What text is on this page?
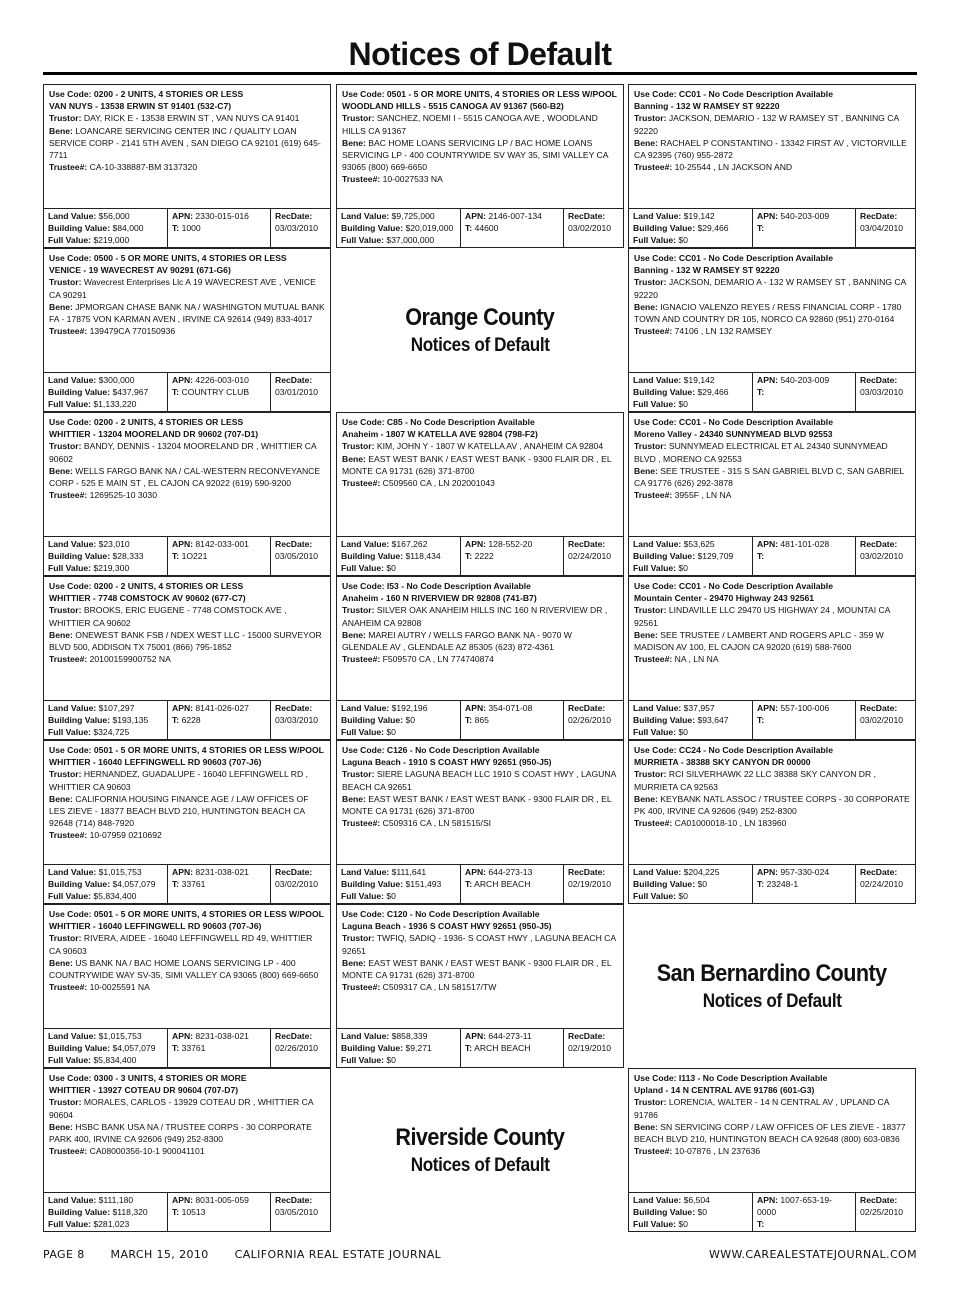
Notices of Default
Use Code: 0200 - 2 UNITS, 4 STORIES OR LESS
VAN NUYS - 13538 ERWIN ST 91401 (532-C7)
Trustor: DAY, RICK E - 13538 ERWIN ST , VAN NUYS CA 91401
Bene: LOANCARE SERVICING CENTER INC / QUALITY LOAN SERVICE CORP - 2141 5TH AVEN , SAN DIEGO CA 92101 (619) 645-7711
Trustee#: CA-10-338887-BM 3137320
Land Value: $56,000
Building Value: $84,000
Full Value: $219,000
APN: 2330-015-016
T: 1000
RecDate:
03/03/2010
Use Code: 0500 - 5 OR MORE UNITS, 4 STORIES OR LESS
VENICE - 19 WAVECREST AV 90291 (671-G6)
Trustor: Wavecrest Enterprises Llc A 19 WAVECREST AVE , VENICE CA 90291
Bene: JPMORGAN CHASE BANK NA / WASHINGTON MUTUAL BANK FA - 17875 VON KARMAN AVEN , IRVINE CA 92614 (949) 833-4017
Trustee#: 139479CA 770150936
Land Value: $300,000
Building Value: $437,967
Full Value: $1,133,220
APN: 4226-003-010
T: COUNTRY CLUB
RecDate:
03/01/2010
Use Code: 0200 - 2 UNITS, 4 STORIES OR LESS
WHITTIER - 13204 MOORELAND DR 90602 (707-D1)
Trustor: BANDY, DENNIS - 13204 MOORELAND DR , WHITTIER CA 90602
Bene: WELLS FARGO BANK NA / CAL-WESTERN RECONVEYANCE CORP - 525 E MAIN ST , EL CAJON CA 92022 (619) 590-9200
Trustee#: 1269525-10 3030
Land Value: $23,010
Building Value: $28,333
Full Value: $219,300
APN: 8142-033-001
T: 1O221
RecDate:
03/05/2010
Use Code: 0200 - 2 UNITS, 4 STORIES OR LESS
WHITTIER - 7748 COMSTOCK AV 90602 (677-C7)
Trustor: BROOKS, ERIC EUGENE - 7748 COMSTOCK AVE , WHITTIER CA 90602
Bene: ONEWEST BANK FSB / NDEX WEST LLC - 15000 SURVEYOR BLVD 500, ADDISON TX 75001 (866) 795-1852
Trustee#: 20100159900752 NA
Land Value: $107,297
Building Value: $193,135
Full Value: $324,725
APN: 8141-026-027
T: 6228
RecDate:
03/03/2010
Use Code: 0501 - 5 OR MORE UNITS, 4 STORIES OR LESS W/POOL
WHITTIER - 16040 LEFFINGWELL RD 90603 (707-J6)
Trustor: HERNANDEZ, GUADALUPE - 16040 LEFFINGWELL RD , WHITTIER CA 90603
Bene: CALIFORNIA HOUSING FINANCE AGE / LAW OFFICES OF LES ZIEVE - 18377 BEACH BLVD 210, HUNTINGTON BEACH CA 92648 (714) 848-7920
Trustee#: 10-07959 0210692
Land Value: $1,015,753
Building Value: $4,057,079
Full Value: $5,834,400
APN: 8231-038-021
T: 33761
RecDate:
03/02/2010
Use Code: 0501 - 5 OR MORE UNITS, 4 STORIES OR LESS W/POOL
WHITTIER - 16040 LEFFINGWELL RD 90603 (707-J6)
Trustor: RIVERA, AIDEE - 16040 LEFFINGWELL RD 49, WHITTIER CA 90603
Bene: US BANK NA / BAC HOME LOANS SERVICING LP - 400 COUNTRYWIDE WAY SV-35, SIMI VALLEY CA 93065 (800) 669-6650
Trustee#: 10-0025591 NA
Land Value: $1,015,753
Building Value: $4,057,079
Full Value: $5,834,400
APN: 8231-038-021
T: 33761
RecDate:
02/26/2010
Use Code: 0300 - 3 UNITS, 4 STORIES OR MORE
WHITTIER - 13927 COTEAU DR 90604 (707-D7)
Trustor: MORALES, CARLOS - 13929 COTEAU DR , WHITTIER CA 90604
Bene: HSBC BANK USA NA / TRUSTEE CORPS - 30 CORPORATE PARK 400, IRVINE CA 92606 (949) 252-8300
Trustee#: CA08000356-10-1 900041101
Land Value: $111,180
Building Value: $118,320
Full Value: $281,023
APN: 8031-005-059
T: 10513
RecDate:
03/05/2010
Use Code: 0501 - 5 OR MORE UNITS, 4 STORIES OR LESS W/POOL
WOODLAND HILLS - 5515 CANOGA AV 91367 (560-B2)
Trustor: SANCHEZ, NOEMI I - 5515 CANOGA AVE , WOODLAND HILLS CA 91367
Bene: BAC HOME LOANS SERVICING LP / BAC HOME LOANS SERVICING LP - 400 COUNTRYWIDE SV WAY 35, SIMI VALLEY CA 93065 (800) 669-6650
Trustee#: 10-0027533 NA
Land Value: $9,725,000
Building Value: $20,019,000
Full Value: $37,000,000
APN: 2146-007-134
T: 44600
RecDate:
03/02/2010
Orange County
Notices of Default
Use Code: C85 - No Code Description Available
Anaheim - 1807 W KATELLA AVE 92804 (798-F2)
Trustor: KIM, JOHN Y - 1807 W KATELLA AV , ANAHEIM CA 92804
Bene: EAST WEST BANK / EAST WEST BANK - 9300 FLAIR DR , EL MONTE CA 91731 (626) 371-8700
Trustee#: C509560 CA , LN 202001043
Land Value: $167,262
Building Value: $118,434
Full Value: $0
APN: 128-552-20
T: 2222
RecDate:
02/24/2010
Use Code: I53 - No Code Description Available
Anaheim - 160 N RIVERVIEW DR 92808 (741-B7)
Trustor: SILVER OAK ANAHEIM HILLS INC 160 N RIVERVIEW DR , ANAHEIM CA 92808
Bene: MAREI AUTRY / WELLS FARGO BANK NA - 9070 W GLENDALE AV , GLENDALE AZ 85305 (623) 872-4361
Trustee#: F509570 CA , LN 774740874
Land Value: $192,196
Building Value: $0
Full Value: $0
APN: 354-071-08
T: 865
RecDate:
02/26/2010
Use Code: C126 - No Code Description Available
Laguna Beach - 1910 S COAST HWY 92651 (950-J5)
Trustor: SIERE LAGUNA BEACH LLC 1910 S COAST HWY , LAGUNA BEACH CA 92651
Bene: EAST WEST BANK / EAST WEST BANK - 9300 FLAIR DR , EL MONTE CA 91731 (626) 371-8700
Trustee#: C509316 CA , LN 581515/SI
Land Value: $111,641
Building Value: $151,493
Full Value: $0
APN: 644-273-13
T: ARCH BEACH
RecDate:
02/19/2010
Use Code: C120 - No Code Description Available
Laguna Beach - 1936 S COAST HWY 92651 (950-J5)
Trustor: TWFIQ, SADIQ - 1936- S COAST HWY , LAGUNA BEACH CA 92651
Bene: EAST WEST BANK / EAST WEST BANK - 9300 FLAIR DR , EL MONTE CA 91731 (626) 371-8700
Trustee#: C509317 CA , LN 581517/TW
Land Value: $858,339
Building Value: $9,271
Full Value: $0
APN: 644-273-11
T: ARCH BEACH
RecDate:
02/19/2010
Riverside County
Notices of Default
Use Code: CC01 - No Code Description Available
Banning - 132 W RAMSEY ST 92220
Trustor: JACKSON, DEMARIO - 132 W RAMSEY ST , BANNING CA 92220
Bene: RACHAEL P CONSTANTINO - 13342 FIRST AV , VICTORVILLE CA 92395 (760) 955-2872
Trustee#: 10-25544 , LN JACKSON AND
Land Value: $19,142
Building Value: $29,466
Full Value: $0
APN: 540-203-009
T:
RecDate:
03/04/2010
Use Code: CC01 - No Code Description Available
Banning - 132 W RAMSEY ST 92220
Trustor: JACKSON, DEMARIO A - 132 W RAMSEY ST , BANNING CA 92220
Bene: IGNACIO VALENZO REYES / RESS FINANCIAL CORP - 1780 TOWN AND COUNTRY DR 105, NORCO CA 92860 (951) 270-0164
Trustee#: 74106 , LN 132 RAMSEY
Land Value: $19,142
Building Value: $29,466
Full Value: $0
APN: 540-203-009
T:
RecDate:
03/03/2010
Use Code: CC01 - No Code Description Available
Moreno Valley - 24340 SUNNYMEAD BLVD 92553
Trustor: SUNNYMEAD ELECTRICAL ET AL 24340 SUNNYMEAD BLVD , MORENO CA 92553
Bene: SEE TRUSTEE - 315 S SAN GABRIEL BLVD C, SAN GABRIEL CA 91776 (626) 292-3878
Trustee#: 3955F , LN NA
Land Value: $53,625
Building Value: $129,709
Full Value: $0
APN: 481-101-028
T:
RecDate:
03/02/2010
Use Code: CC01 - No Code Description Available
Mountain Center - 29470 Highway 243 92561
Trustor: LINDAVILLE LLC 29470 US HIGHWAY 24 , MOUNTAI CA 92561
Bene: SEE TRUSTEE / LAMBERT AND ROGERS APLC - 359 W MADISON AV 100, EL CAJON CA 92020 (619) 588-7600
Trustee#: NA , LN NA
Land Value: $37,957
Building Value: $93,647
Full Value: $0
APN: 557-100-006
T:
RecDate:
03/02/2010
Use Code: CC24 - No Code Description Available
MURRIETA - 38388 SKY CANYON DR 00000
Trustor: RCI SILVERHAWK 22 LLC 38388 SKY CANYON DR , MURRIETA CA 92563
Bene: KEYBANK NATL ASSOC / TRUSTEE CORPS - 30 CORPORATE PK 400, IRVINE CA 92606 (949) 252-8300
Trustee#: CA01000018-10 , LN 183960
Land Value: $204,225
Building Value: $0
Full Value: $0
APN: 957-330-024
T: 23248-1
RecDate:
02/24/2010
San Bernardino County
Notices of Default
Use Code: I113 - No Code Description Available
Upland - 14 N CENTRAL AVE 91786 (601-G3)
Trustor: LORENCIA, WALTER - 14 N CENTRAL AV , UPLAND CA 91786
Bene: SN SERVICING CORP / LAW OFFICES OF LES ZIEVE - 18377 BEACH BLVD 210, HUNTINGTON BEACH CA 92648 (800) 603-0836
Trustee#: 10-07876 , LN 237636
Land Value: $6,504
Building Value: $0
Full Value: $0
APN: 1007-653-19-0000
T:
RecDate:
02/25/2010
PAGE 8 MARCH 15, 2010 CALIFORNIA REAL ESTATE JOURNAL	WWW.CAREALESTATEJOURNAL.COM
